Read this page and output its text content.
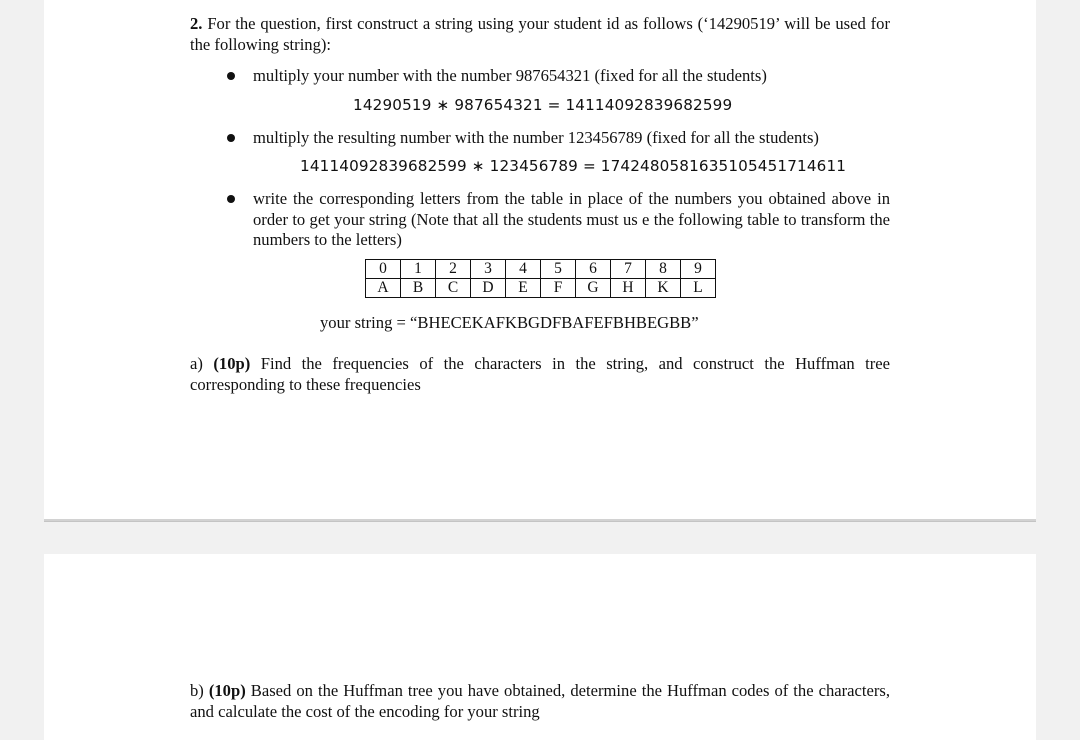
2. For the question, first construct a string using your student id as follows (‘14290519’ will be used for the following string):

multiply your number with the number 987654321 (fixed for all the students)

14290519 ∗ 987654321 = 14114092839682599

multiply the resulting number with the number 123456789 (fixed for all the students)

14114092839682599 ∗ 123456789 = 1742480581635105451714611

write the corresponding letters from the table in place of the numbers you obtained above in order to get your string (Note that all the students must us e the following table to transform the numbers to the letters)

0	1	2	3	4	5	6	7	8	9
A	B	C	D	E	F	G	H	K	L
your string = “BHECEKAFKBGDFBAFEFBHBEGBB”

a) (10p) Find the frequencies of the characters in the string, and construct the Huffman tree corresponding to these frequencies

b) (10p) Based on the Huffman tree you have obtained, determine the Huffman codes of the characters, and calculate the cost of the encoding for your string
